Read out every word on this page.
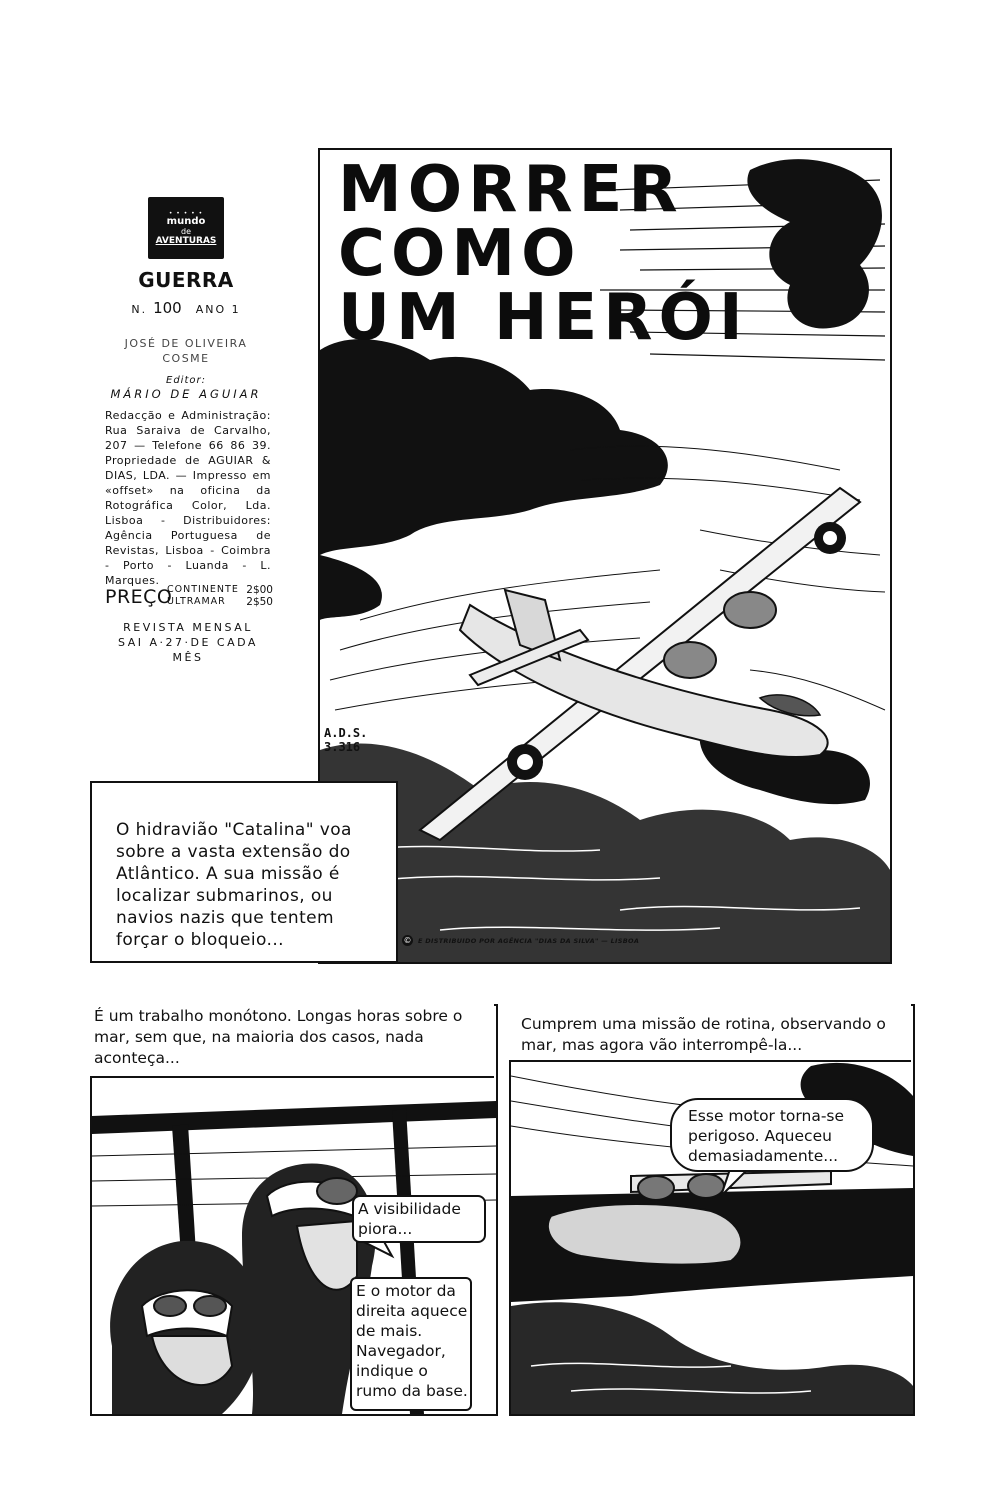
• • • • •
mundo
de
AVENTURAS
GUERRA
N. 100 ANO 1
JOSÉ DE OLIVEIRA
COSME
Editor:
MÁRIO DE AGUIAR
Redacção e Administração: Rua Saraiva de Carvalho, 207 — Telefone 66 86 39. Propriedade de AGUIAR & DIAS, LDA. — Impresso em «offset» na oficina da Rotográfica Color, Lda. Lisboa - Distribuidores: Agência Portuguesa de Revistas, Lisboa - Coimbra - Porto - Luanda - L. Marques.
PREÇO
CONTINENTE 2$00
ULTRAMAR 2$50
REVISTA MENSAL
SAI A·27·DE CADA
MÊS
MORRER
COMO
UM HERÓI
A.D.S.
3.316
© E DISTRIBUIDO POR AGÊNCIA "DIAS DA SILVA" — LISBOA

O hidravião "Catalina" voa sobre a vasta extensão do Atlântico. A sua missão é localizar submarinos, ou navios nazis que tentem forçar o bloqueio...

É um trabalho monótono. Longas horas sobre o mar, sem que, na maioria dos casos, nada aconteça...

A visibilidade piora...

E o motor da direita aquece de mais. Navegador, indique o rumo da base.

Cumprem uma missão de rotina, observando o mar, mas agora vão interrompê-la...

Esse motor torna-se perigoso. Aqueceu demasiadamente...
